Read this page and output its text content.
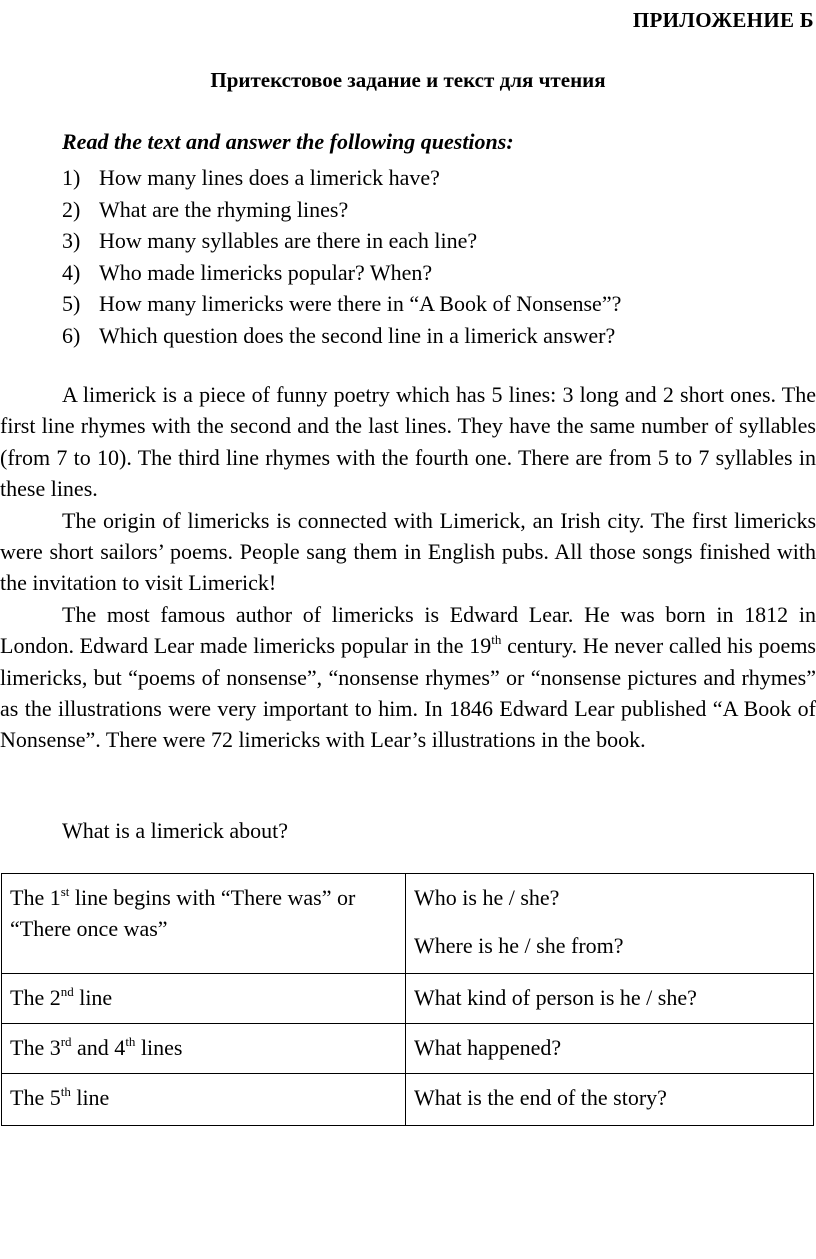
ПРИЛОЖЕНИЕ Б
Притекстовое задание и текст для чтения
Read the text and answer the following questions:
1) How many lines does a limerick have?
2) What are the rhyming lines?
3) How many syllables are there in each line?
4) Who made limericks popular? When?
5) How many limericks were there in “A Book of Nonsense”?
6) Which question does the second line in a limerick answer?

A limerick is a piece of funny poetry which has 5 lines: 3 long and 2 short ones. The first line rhymes with the second and the last lines. They have the same number of syllables (from 7 to 10). The third line rhymes with the fourth one. There are from 5 to 7 syllables in these lines.

The origin of limericks is connected with Limerick, an Irish city. The first limericks were short sailors’ poems. People sang them in English pubs. All those songs finished with the invitation to visit Limerick!

The most famous author of limericks is Edward Lear. He was born in 1812 in London. Edward Lear made limericks popular in the 19th century. He never called his poems limericks, but “poems of nonsense”, “nonsense rhymes” or “nonsense pictures and rhymes” as the illustrations were very important to him. In 1846 Edward Lear published “A Book of Nonsense”. There were 72 limericks with Lear’s illustrations in the book.

What is a limerick about?
The 1st line begins with “There was” or “There once was”	Who is he / she?
Where is he / she from?

The 2nd line	What kind of person is he / she?

The 3rd and 4th lines	What happened?

The 5th line	What is the end of the story?
